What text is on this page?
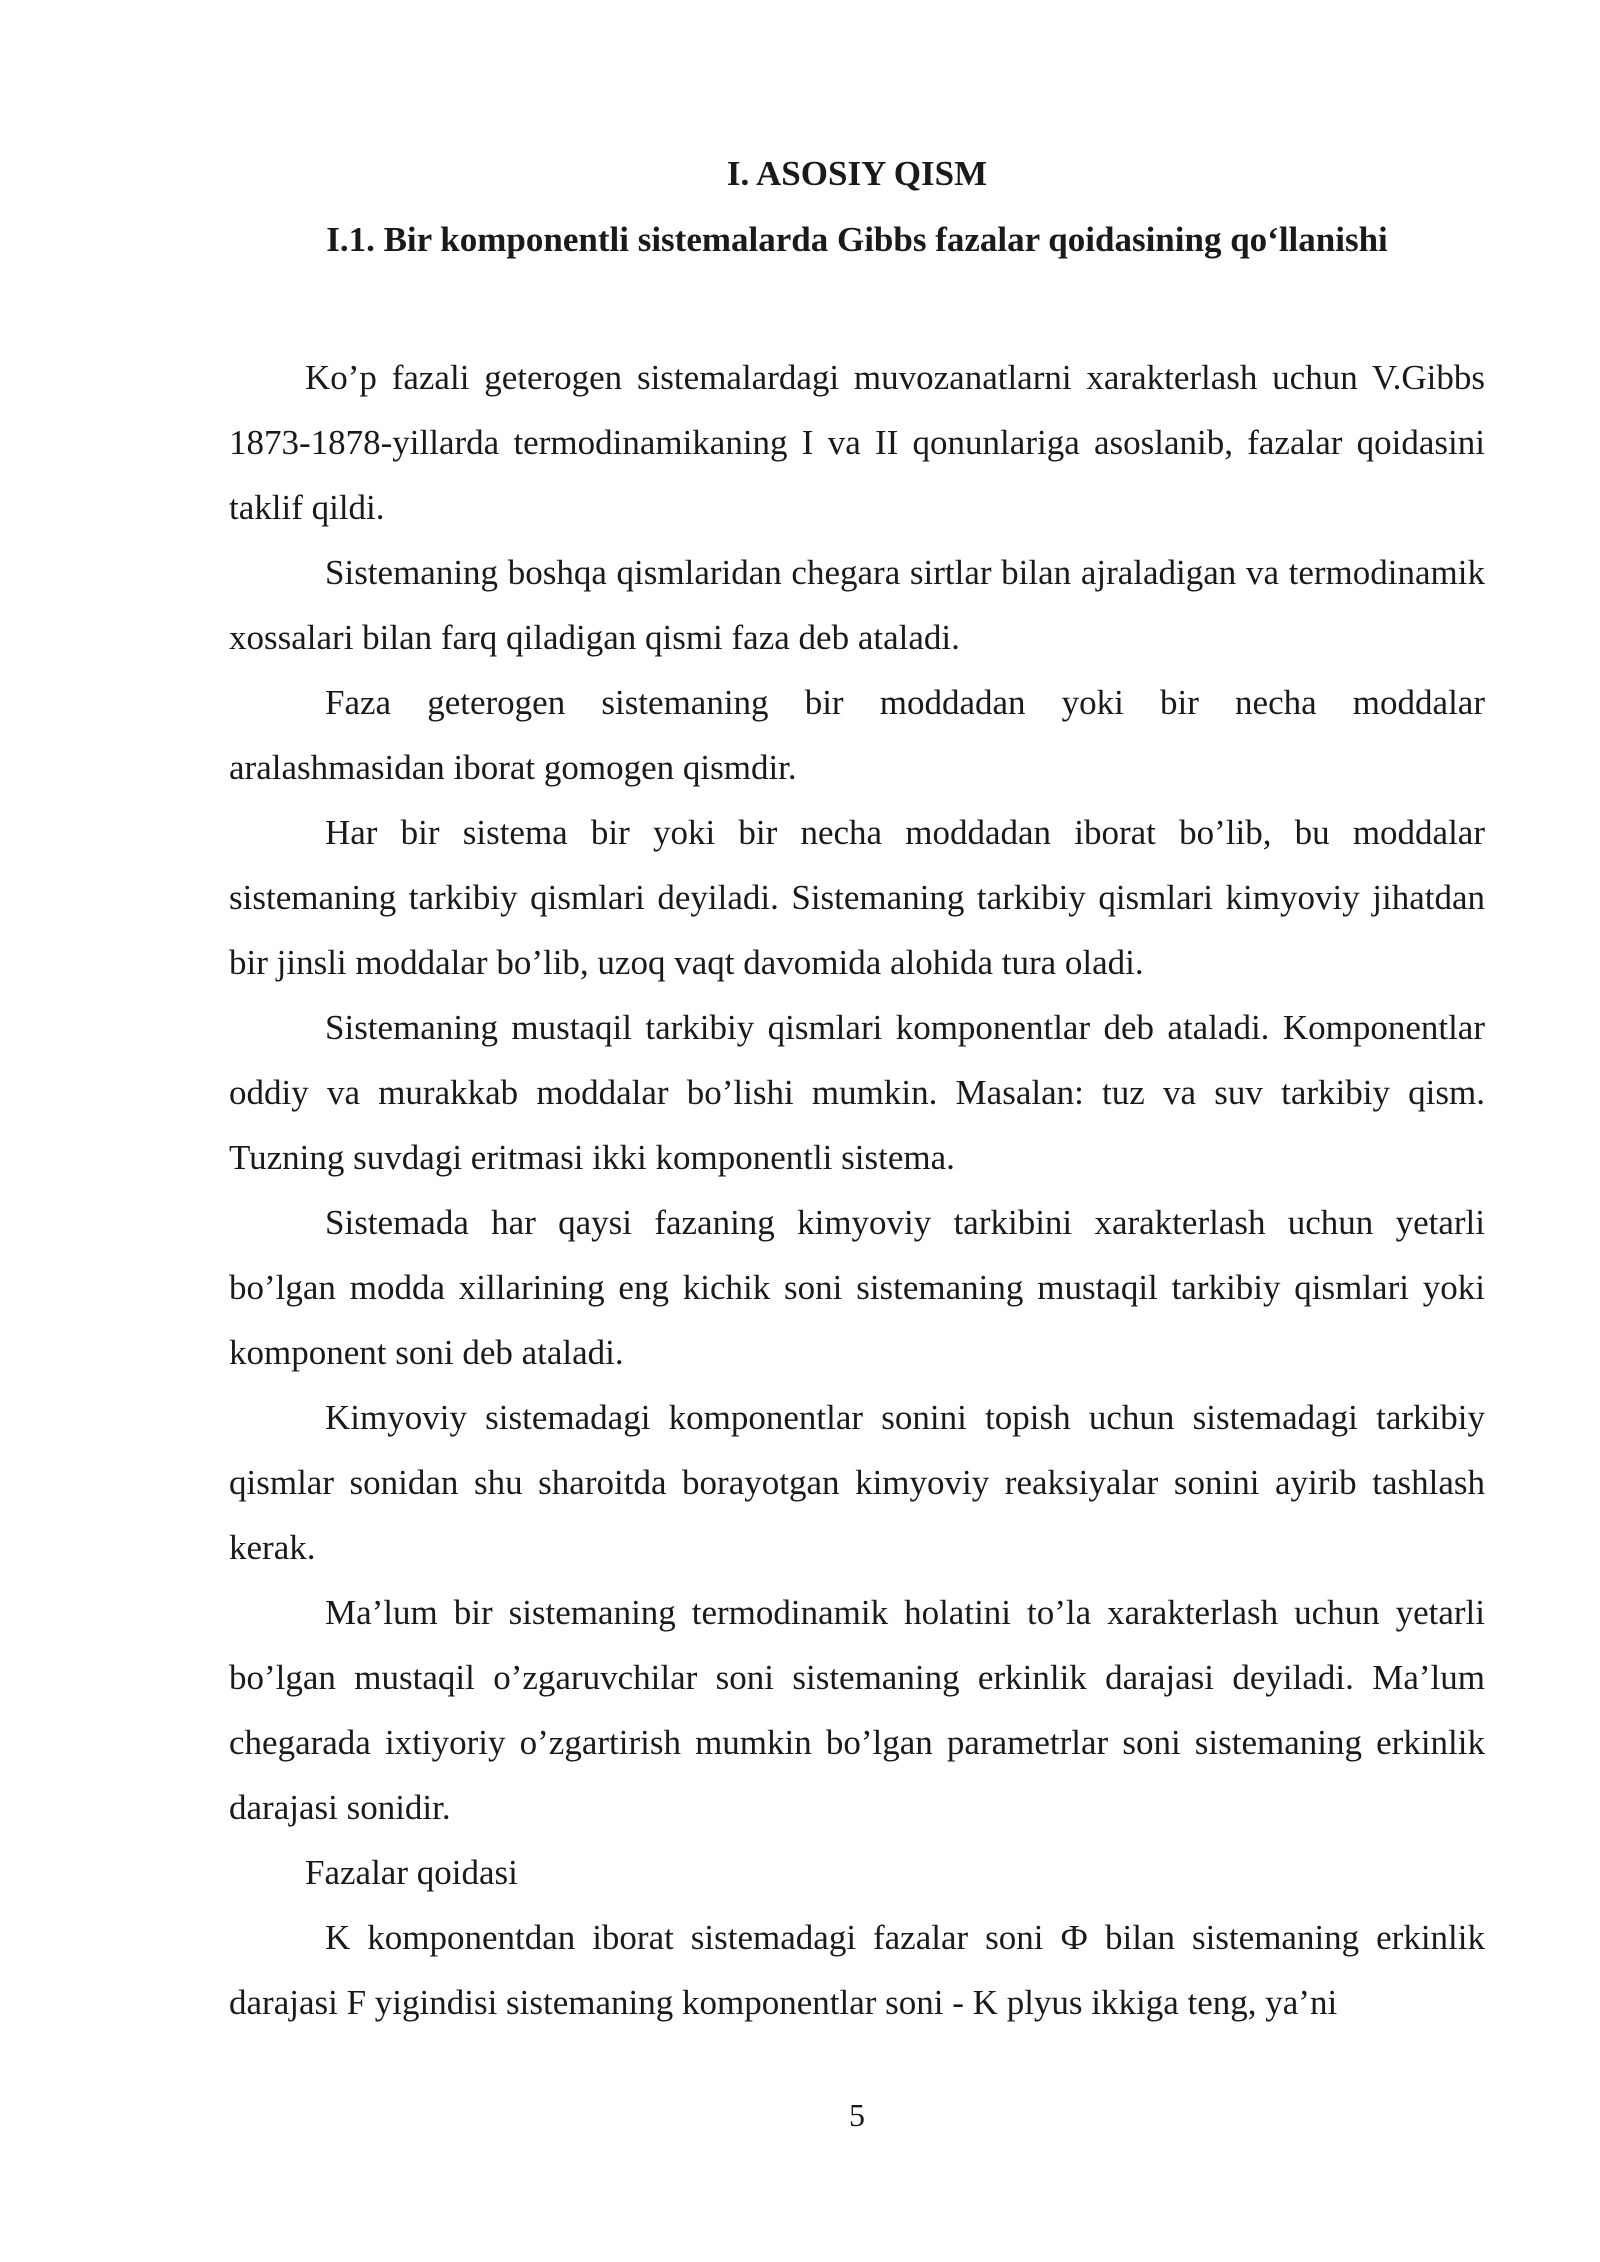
I. ASOSIY QISM
I.1. Bir komponentli sistemalarda Gibbs fazalar qoidasining qo‘llanishi

Ko’p fazali geterogen sistemalardagi muvozanatlarni xarakterlash uchun V.Gibbs 1873-1878-yillarda termodinamikaning I va II qonunlariga asoslanib, fazalar qoidasini taklif qildi.

Sistemaning boshqa qismlaridan chegara sirtlar bilan ajraladigan va termodinamik xossalari bilan farq qiladigan qismi faza deb ataladi.

Faza geterogen sistemaning bir moddadan yoki bir necha moddalar aralashmasidan iborat gomogen qismdir.

Har bir sistema bir yoki bir necha moddadan iborat bo’lib, bu moddalar sistemaning tarkibiy qismlari deyiladi. Sistemaning tarkibiy qismlari kimyoviy jihatdan bir jinsli moddalar bo’lib, uzoq vaqt davomida alohida tura oladi.

Sistemaning mustaqil tarkibiy qismlari komponentlar deb ataladi. Komponentlar oddiy va murakkab moddalar bo’lishi mumkin. Masalan: tuz va suv tarkibiy qism. Tuzning suvdagi eritmasi ikki komponentli sistema.

Sistemada har qaysi fazaning kimyoviy tarkibini xarakterlash uchun yetarli bo’lgan modda xillarining eng kichik soni sistemaning mustaqil tarkibiy qismlari yoki komponent soni deb ataladi.

Kimyoviy sistemadagi komponentlar sonini topish uchun sistemadagi tarkibiy qismlar sonidan shu sharoitda borayotgan kimyoviy reaksiyalar sonini ayirib tashlash kerak.

Ma’lum bir sistemaning termodinamik holatini to’la xarakterlash uchun yetarli bo’lgan mustaqil o’zgaruvchilar soni sistemaning erkinlik darajasi deyiladi. Ma’lum chegarada ixtiyoriy o’zgartirish mumkin bo’lgan parametrlar soni sistemaning erkinlik darajasi sonidir.

Fazalar qoidasi

K komponentdan iborat sistemadagi fazalar soni Ф bilan sistemaning erkinlik darajasi F yigindisi sistemaning komponentlar soni - K plyus ikkiga teng, ya’ni

5
